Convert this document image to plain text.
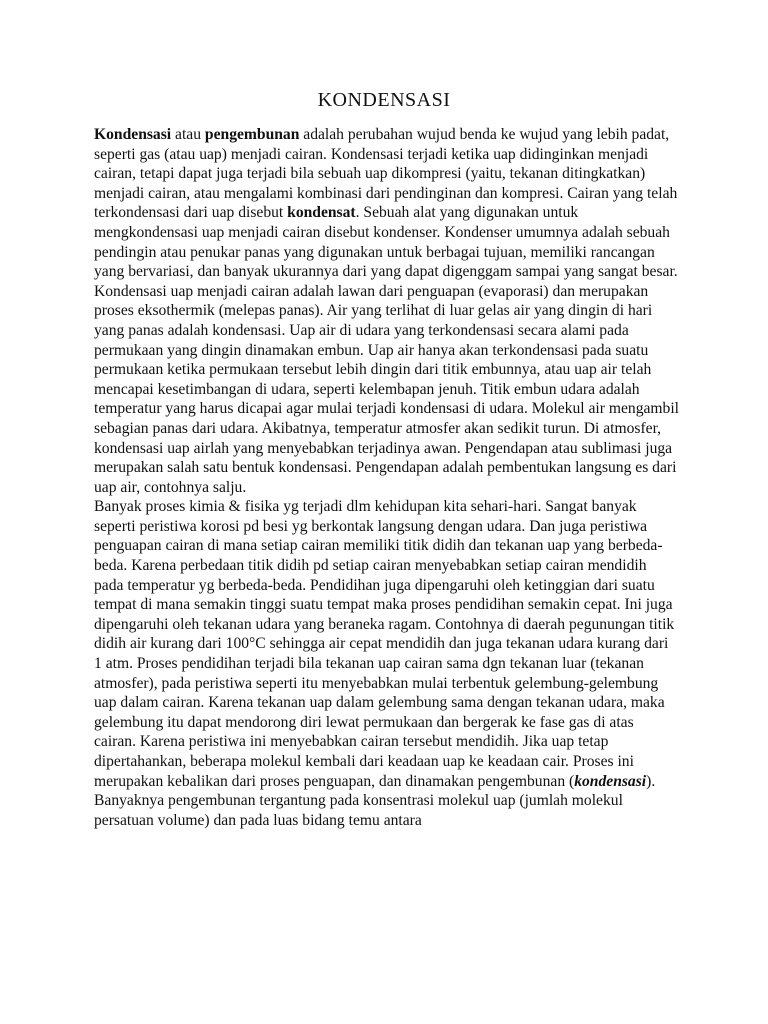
KONDENSASI

Kondensasi atau pengembunan adalah perubahan wujud benda ke wujud yang lebih padat, seperti gas (atau uap) menjadi cairan. Kondensasi terjadi ketika uap didinginkan menjadi cairan, tetapi dapat juga terjadi bila sebuah uap dikompresi (yaitu, tekanan ditingkatkan) menjadi cairan, atau mengalami kombinasi dari pendinginan dan kompresi. Cairan yang telah terkondensasi dari uap disebut kondensat. Sebuah alat yang digunakan untuk mengkondensasi uap menjadi cairan disebut kondenser. Kondenser umumnya adalah sebuah pendingin atau penukar panas yang digunakan untuk berbagai tujuan, memiliki rancangan yang bervariasi, dan banyak ukurannya dari yang dapat digenggam sampai yang sangat besar. Kondensasi uap menjadi cairan adalah lawan dari penguapan (evaporasi) dan merupakan proses eksothermik (melepas panas). Air yang terlihat di luar gelas air yang dingin di hari yang panas adalah kondensasi. Uap air di udara yang terkondensasi secara alami pada permukaan yang dingin dinamakan embun. Uap air hanya akan terkondensasi pada suatu permukaan ketika permukaan tersebut lebih dingin dari titik embunnya, atau uap air telah mencapai kesetimbangan di udara, seperti kelembapan jenuh. Titik embun udara adalah temperatur yang harus dicapai agar mulai terjadi kondensasi di udara. Molekul air mengambil sebagian panas dari udara. Akibatnya, temperatur atmosfer akan sedikit turun. Di atmosfer, kondensasi uap airlah yang menyebabkan terjadinya awan. Pengendapan atau sublimasi juga merupakan salah satu bentuk kondensasi. Pengendapan adalah pembentukan langsung es dari uap air, contohnya salju.

Banyak proses kimia & fisika yg terjadi dlm kehidupan kita sehari-hari. Sangat banyak seperti peristiwa korosi pd besi yg berkontak langsung dengan udara. Dan juga peristiwa penguapan cairan di mana setiap cairan memiliki titik didih dan tekanan uap yang berbeda-beda. Karena perbedaan titik didih pd setiap cairan menyebabkan setiap cairan mendidih pada temperatur yg berbeda-beda. Pendidihan juga dipengaruhi oleh ketinggian dari suatu tempat di mana semakin tinggi suatu tempat maka proses pendidihan semakin cepat. Ini juga dipengaruhi oleh tekanan udara yang beraneka ragam. Contohnya di daerah pegunungan titik didih air kurang dari 100°C sehingga air cepat mendidih dan juga tekanan udara kurang dari 1 atm. Proses pendidihan terjadi bila tekanan uap cairan sama dgn tekanan luar (tekanan atmosfer), pada peristiwa seperti itu menyebabkan mulai terbentuk gelembung-gelembung uap dalam cairan. Karena tekanan uap dalam gelembung sama dengan tekanan udara, maka gelembung itu dapat mendorong diri lewat permukaan dan bergerak ke fase gas di atas cairan. Karena peristiwa ini menyebabkan cairan tersebut mendidih. Jika uap tetap dipertahankan, beberapa molekul kembali dari keadaan uap ke keadaan cair. Proses ini merupakan kebalikan dari proses penguapan, dan dinamakan pengembunan (kondensasi). Banyaknya pengembunan tergantung pada konsentrasi molekul uap (jumlah molekul persatuan volume) dan pada luas bidang temu antara
